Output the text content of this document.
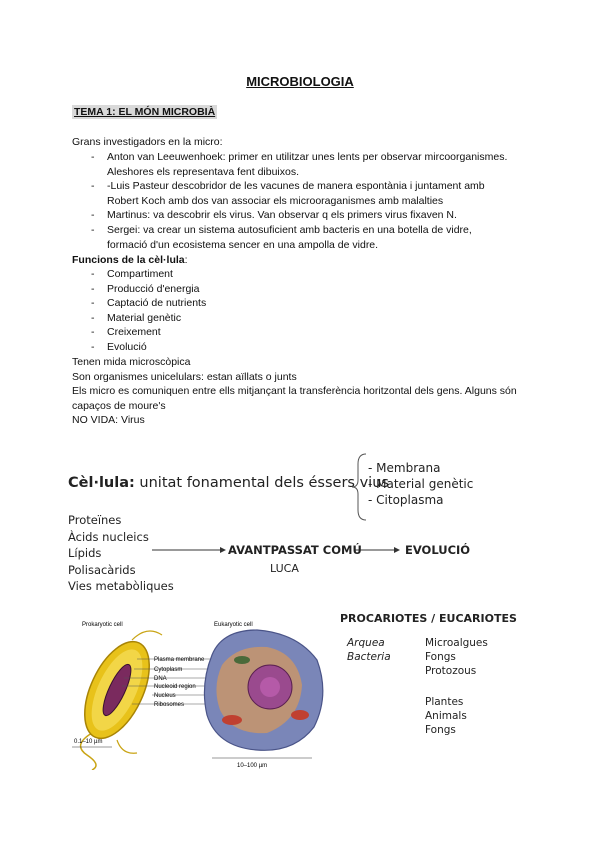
MICROBIOLOGIA
TEMA 1: EL MÓN MICROBIÀ
Grans investigadors en la micro:
- Anton van Leeuwenhoek: primer en utilitzar unes lents per observar mircoorganismes. Aleshores els representava fent dibuixos.
- -Luis Pasteur descobridor de les vacunes de manera espontània i juntament amb Robert Koch amb dos van associar els microoraganismes amb malalties
- Martinus: va descobrir els virus. Van observar q els primers virus fixaven N.
- Sergei: va crear un sistema autosuficient amb bacteris en una botella de vidre, formació d'un ecosistema sencer en una ampolla de vidre.
Funcions de la cèl·lula:
- Compartiment
- Producció d'energia
- Captació de nutrients
- Material genètic
- Creixement
- Evolució
Tenen mida microscòpica
Son organismes unicelulars: estan aïllats o junts
Els micro es comuniquen entre ells mitjançant la transferència horitzontal dels gens. Alguns són capaços de moure's
NO VIDA: Virus
Cèl·lula: unitat fonamental dels éssers vius
- Membrana
- Material genètic
- Citoplasma
Proteïnes
Àcids nucleics
Lípids
Polisacàrids
Vies metabòliques
AVANTPASSAT COMÚ	EVOLUCIÓ
LUCA
Prokaryotic cell	Eukaryotic cell
Plasma membrane
Cytoplasm
DNA
Nucleoid region
Nucleus
Ribosomes
0.1–10 µm
10–100 µm
PROCARIOTES / EUCARIOTES
Arquea
Bacteria
Microalgues
Fongs
Protozous
Plantes
Animals
Fongs
